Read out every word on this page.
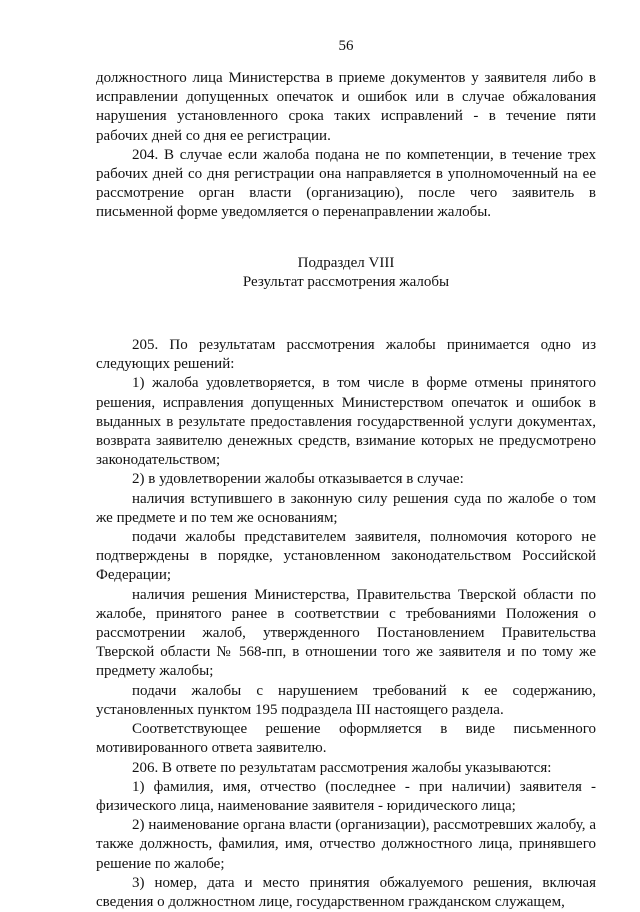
56

должностного лица Министерства в приеме документов у заявителя либо в исправлении допущенных опечаток и ошибок или в случае обжалования нарушения установленного срока таких исправлений - в течение пяти рабочих дней со дня ее регистрации.

204. В случае если жалоба подана не по компетенции, в течение трех рабочих дней со дня регистрации она направляется в уполномоченный на ее рассмотрение орган власти (организацию), после чего заявитель в письменной форме уведомляется о перенаправлении жалобы.

Подраздел VIII

Результат рассмотрения жалобы

205. По результатам рассмотрения жалобы принимается одно из следующих решений:

1) жалоба удовлетворяется, в том числе в форме отмены принятого решения, исправления допущенных Министерством опечаток и ошибок в выданных в результате предоставления государственной услуги документах, возврата заявителю денежных средств, взимание которых не предусмотрено законодательством;

2) в удовлетворении жалобы отказывается в случае:

наличия вступившего в законную силу решения суда по жалобе о том же предмете и по тем же основаниям;

подачи жалобы представителем заявителя, полномочия которого не подтверждены в порядке, установленном законодательством Российской Федерации;

наличия решения Министерства, Правительства Тверской области по жалобе, принятого ранее в соответствии с требованиями Положения о рассмотрении жалоб, утвержденного Постановлением Правительства Тверской области № 568-пп, в отношении того же заявителя и по тому же предмету жалобы;

подачи жалобы с нарушением требований к ее содержанию, установленных пунктом 195 подраздела III настоящего раздела.

Соответствующее решение оформляется в виде письменного мотивированного ответа заявителю.

206. В ответе по результатам рассмотрения жалобы указываются:

1) фамилия, имя, отчество (последнее - при наличии) заявителя - физического лица, наименование заявителя - юридического лица;

2) наименование органа власти (организации), рассмотревших жалобу, а также должность, фамилия, имя, отчество должностного лица, принявшего решение по жалобе;

3) номер, дата и место принятия обжалуемого решения, включая сведения о должностном лице, государственном гражданском служащем,
